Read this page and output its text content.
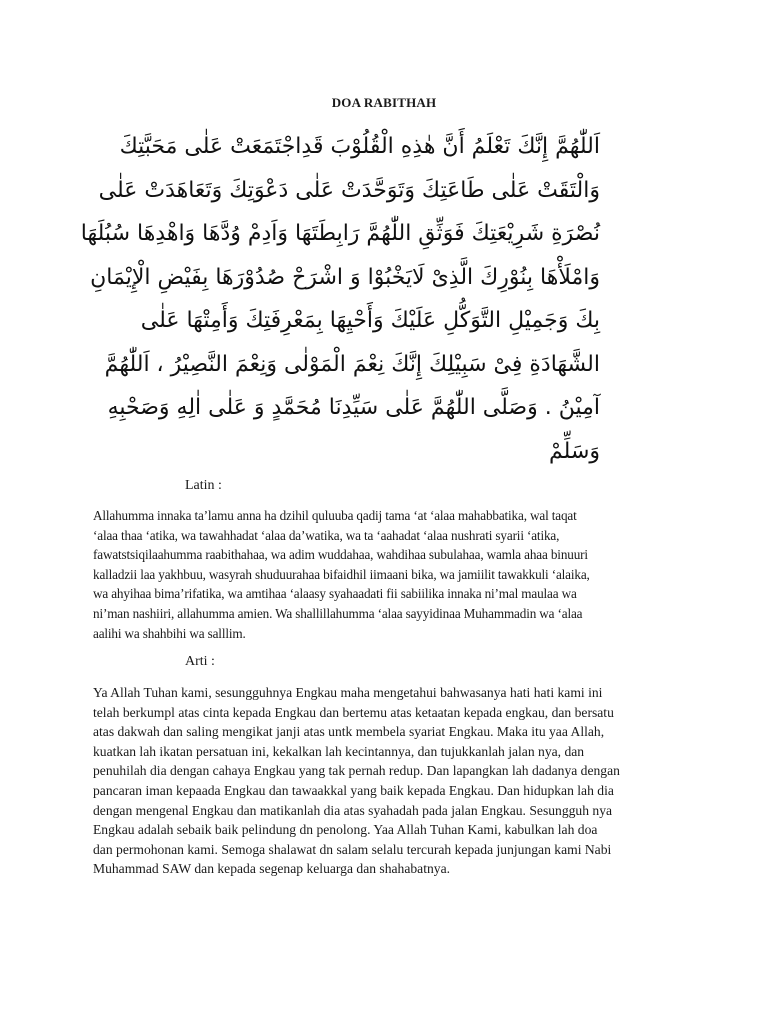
DOA RABITHAH
اَللّٰهُمَّ إِنَّكَ تَعْلَمُ أَنَّ هٰذِهِ الْقُلُوْبَ قَدِاجْتَمَعَتْ عَلٰى مَحَبَّتِكَ
وَالْتَقَتْ عَلٰى طَاعَتِكَ وَتَوَحَّدَتْ عَلٰى دَعْوَتِكَ وَتَعَاهَدَتْ عَلٰى
نُصْرَةِ شَرِيْعَتِكَ فَوَثِّقِ اللّٰهُمَّ رَابِطَتَهَا وَاَدِمْ وُدَّهَا وَاهْدِهَا سُبُلَهَا
وَامْلَأْهَا بِنُوْرِكَ الَّذِىْ لَايَخْبُوْا وَ اشْرَحْ صُدُوْرَهَا بِفَيْضِ الْإِيْمَانِ
بِكَ وَجَمِيْلِ التَّوَكُّلِ عَلَيْكَ وَأَحْيِهَا بِمَعْرِفَتِكَ وَأَمِتْهَا عَلٰى
الشَّهَادَةِ فِىْ سَبِيْلِكَ إِنَّكَ نِعْمَ الْمَوْلٰى وَنِعْمَ النَّصِيْرُ ، اَللّٰهُمَّ
آمِيْنُ . وَصَلَّى اللّٰهُمَّ عَلٰى سَيِّدِنَا مُحَمَّدٍ وَ عَلٰى اٰلِهِ وَصَحْبِهِ
وَسَلِّمْ
Latin :
Allahumma innaka ta’lamu anna ha dzihil quluuba qadij tama ‘at ‘alaa mahabbatika, wal taqat
‘alaa thaa ‘atika, wa tawahhadat ‘alaa da’watika, wa ta ‘aahadat ‘alaa nushrati syarii ‘atika,
fawatstsiqilaahumma raabithahaa, wa adim wuddahaa, wahdihaa subulahaa, wamla ahaa binuuri
kalladzii laa yakhbuu, wasyrah shuduurahaa bifaidhil iimaani bika, wa jamiilit tawakkuli ‘alaika,
wa ahyihaa bima’rifatika, wa amtihaa ‘alaasy syahaadati fii sabiilika innaka ni’mal maulaa wa
ni’man nashiiri, allahumma amien. Wa shallillahumma ‘alaa sayyidinaa Muhammadin wa ‘alaa
aalihi wa shahbihi wa salllim.
Arti :
Ya Allah Tuhan kami, sesungguhnya Engkau maha mengetahui bahwasanya hati hati kami ini
telah berkumpl atas cinta kepada Engkau dan bertemu atas ketaatan kepada engkau, dan bersatu
atas dakwah dan saling mengikat janji atas untk membela syariat Engkau. Maka itu yaa Allah,
kuatkan lah ikatan persatuan ini, kekalkan lah kecintannya, dan tujukkanlah jalan nya, dan
penuhilah dia dengan cahaya Engkau yang tak pernah redup. Dan lapangkan lah dadanya dengan
pancaran iman kepaada Engkau dan tawaakkal yang baik kepada Engkau. Dan hidupkan lah dia
dengan mengenal Engkau dan matikanlah dia atas syahadah pada jalan Engkau. Sesungguh nya
Engkau adalah sebaik baik pelindung dn penolong. Yaa Allah Tuhan Kami, kabulkan lah doa
dan permohonan kami. Semoga shalawat dn salam selalu tercurah kepada junjungan kami Nabi
Muhammad SAW dan kepada segenap keluarga dan shahabatnya.
